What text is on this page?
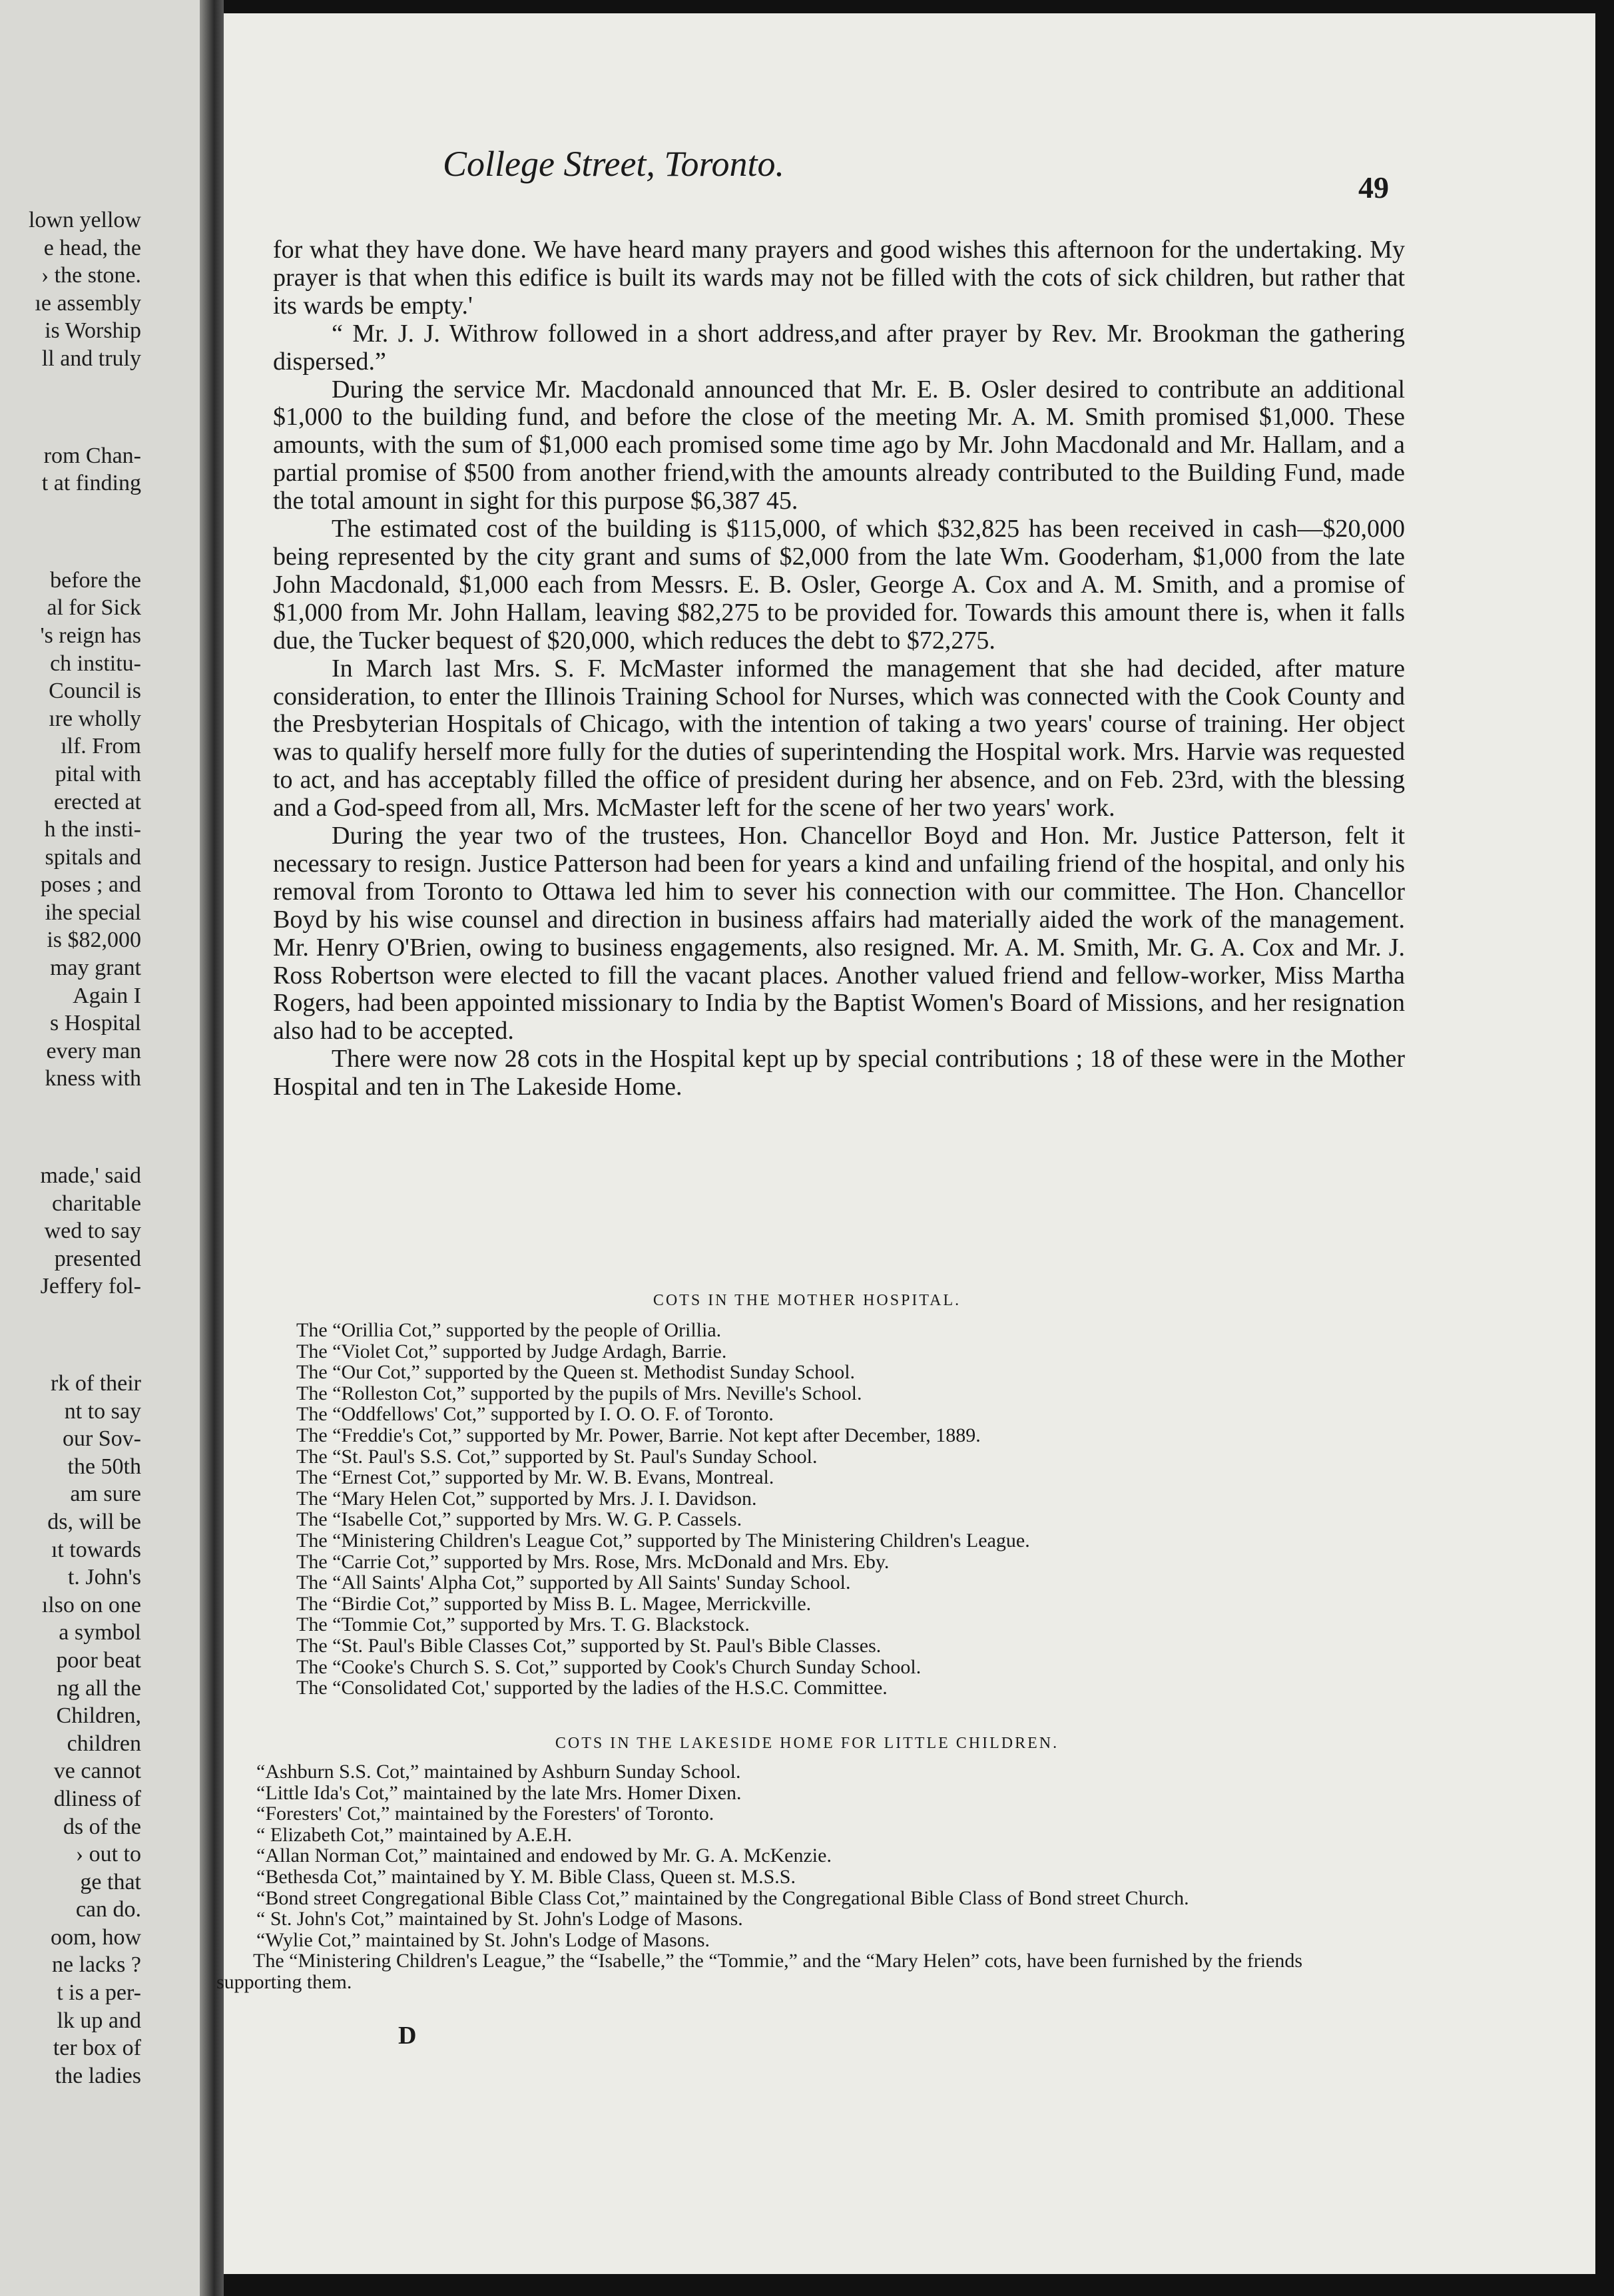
lown yellow
e head, the
› the stone.
ıe assembly
is Worship
ll and truly
rom Chan-
t at finding
before the
al for Sick
's reign has
ch institu-
Council is
ıre wholly
ılf. From
pital with
erected at
h the insti-
spitals and
poses ; and
ihe special
is $82,000
may grant
Again I
s Hospital
every man
kness with
made,' said
charitable
wed to say
presented
Jeffery fol-
rk of their
nt to say
our Sov-
the 50th
am sure
ds, will be
ıt towards
t. John's
ılso on one
a symbol
poor beat
ng all the
Children,
children
ve cannot
dliness of
ds of the
› out to
ge that
can do.
oom, how
ne lacks ?
t is a per-
lk up and
ter box of
the ladies
College Street, Toronto.
49

for what they have done. We have heard many prayers and good wishes this afternoon for the undertaking. My prayer is that when this edifice is built its wards may not be filled with the cots of sick children, but rather that its wards be empty.'

“ Mr. J. J. Withrow followed in a short address,and after prayer by Rev. Mr. Brookman the gathering dispersed.”

During the service Mr. Macdonald announced that Mr. E. B. Osler desired to contribute an additional $1,000 to the building fund, and before the close of the meeting Mr. A. M. Smith promised $1,000. These amounts, with the sum of $1,000 each promised some time ago by Mr. John Macdonald and Mr. Hallam, and a partial promise of $500 from another friend,with the amounts already contributed to the Building Fund, made the total amount in sight for this purpose $6,387 45.

The estimated cost of the building is $115,000, of which $32,825 has been received in cash—$20,000 being represented by the city grant and sums of $2,000 from the late Wm. Gooderham, $1,000 from the late John Macdonald, $1,000 each from Messrs. E. B. Osler, George A. Cox and A. M. Smith, and a promise of $1,000 from Mr. John Hallam, leaving $82,275 to be provided for. Towards this amount there is, when it falls due, the Tucker bequest of $20,000, which reduces the debt to $72,275.

In March last Mrs. S. F. McMaster informed the management that she had decided, after mature consideration, to enter the Illinois Training School for Nurses, which was connected with the Cook County and the Presbyterian Hospitals of Chicago, with the intention of taking a two years' course of training. Her object was to qualify herself more fully for the duties of superintending the Hospital work. Mrs. Harvie was requested to act, and has acceptably filled the office of president during her absence, and on Feb. 23rd, with the blessing and a God-speed from all, Mrs. McMaster left for the scene of her two years' work.

During the year two of the trustees, Hon. Chancellor Boyd and Hon. Mr. Justice Patterson, felt it necessary to resign. Justice Patterson had been for years a kind and unfailing friend of the hospital, and only his removal from Toronto to Ottawa led him to sever his connection with our committee. The Hon. Chancellor Boyd by his wise counsel and direction in business affairs had materially aided the work of the management. Mr. Henry O'Brien, owing to business engagements, also resigned. Mr. A. M. Smith, Mr. G. A. Cox and Mr. J. Ross Robertson were elected to fill the vacant places. Another valued friend and fellow-worker, Miss Martha Rogers, had been appointed missionary to India by the Baptist Women's Board of Missions, and her resignation also had to be accepted.

There were now 28 cots in the Hospital kept up by special contributions ; 18 of these were in the Mother Hospital and ten in The Lakeside Home.

COTS IN THE MOTHER HOSPITAL.
The “Orillia Cot,” supported by the people of Orillia.
The “Violet Cot,” supported by Judge Ardagh, Barrie.
The “Our Cot,” supported by the Queen st. Methodist Sunday School.
The “Rolleston Cot,” supported by the pupils of Mrs. Neville's School.
The “Oddfellows' Cot,” supported by I. O. O. F. of Toronto.
The “Freddie's Cot,” supported by Mr. Power, Barrie. Not kept after December, 1889.
The “St. Paul's S.S. Cot,” supported by St. Paul's Sunday School.
The “Ernest Cot,” supported by Mr. W. B. Evans, Montreal.
The “Mary Helen Cot,” supported by Mrs. J. I. Davidson.
The “Isabelle Cot,” supported by Mrs. W. G. P. Cassels.
The “Ministering Children's League Cot,” supported by The Ministering Children's League.
The “Carrie Cot,” supported by Mrs. Rose, Mrs. McDonald and Mrs. Eby.
The “All Saints' Alpha Cot,” supported by All Saints' Sunday School.
The “Birdie Cot,” supported by Miss B. L. Magee, Merrickville.
The “Tommie Cot,” supported by Mrs. T. G. Blackstock.
The “St. Paul's Bible Classes Cot,” supported by St. Paul's Bible Classes.
The “Cooke's Church S. S. Cot,” supported by Cook's Church Sunday School.
The “Consolidated Cot,' supported by the ladies of the H.S.C. Committee.
COTS IN THE LAKESIDE HOME FOR LITTLE CHILDREN.
“Ashburn S.S. Cot,” maintained by Ashburn Sunday School.
“Little Ida's Cot,” maintained by the late Mrs. Homer Dixen.
“Foresters' Cot,” maintained by the Foresters' of Toronto.
“ Elizabeth Cot,” maintained by A.E.H.
“Allan Norman Cot,” maintained and endowed by Mr. G. A. McKenzie.
“Bethesda Cot,” maintained by Y. M. Bible Class, Queen st. M.S.S.
“Bond street Congregational Bible Class Cot,” maintained by the Congregational Bible Class of Bond street Church.
“ St. John's Cot,” maintained by St. John's Lodge of Masons.
“Wylie Cot,” maintained by St. John's Lodge of Masons.
The “Ministering Children's League,” the “Isabelle,” the “Tommie,” and the “Mary Helen” cots, have been furnished by the friends supporting them.
D
